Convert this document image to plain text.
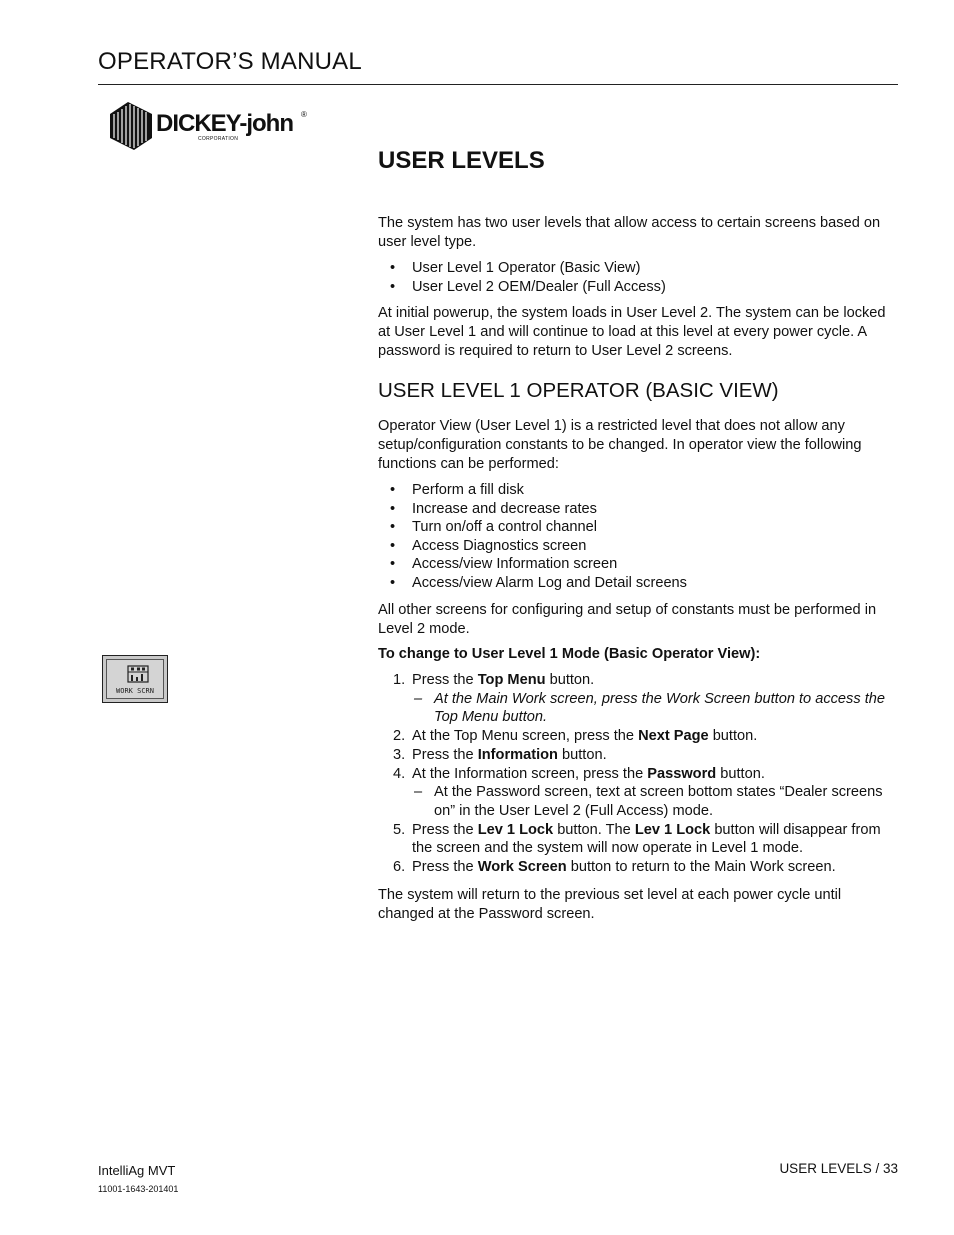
OPERATOR’S MANUAL
DICKEY-john ®
CORPORATION
WORK SCRN
USER LEVELS

The system has two user levels that allow access to certain screens based on user level type.

• User Level 1 Operator (Basic View)
• User Level 2 OEM/Dealer (Full Access)

At initial powerup, the system loads in User Level 2. The system can be locked at User Level 1 and will continue to load at this level at every power cycle. A password is required to return to User Level 2 screens.

USER LEVEL 1 OPERATOR (BASIC VIEW)

Operator View (User Level 1) is a restricted level that does not allow any setup/configuration constants to be changed. In operator view the following functions can be performed:

• Perform a fill disk
• Increase and decrease rates
• Turn on/off a control channel
• Access Diagnostics screen
• Access/view Information screen
• Access/view Alarm Log and Detail screens

All other screens for configuring and setup of constants must be performed in Level 2 mode.

To change to User Level 1 Mode (Basic Operator View):
1. Press the Top Menu button.
– At the Main Work screen, press the Work Screen button to access the Top Menu button.
2. At the Top Menu screen, press the Next Page button.
3. Press the Information button.
4. At the Information screen, press the Password button.
– At the Password screen, text at screen bottom states “Dealer screens on” in the User Level 2 (Full Access) mode.
5. Press the Lev 1 Lock button. The Lev 1 Lock button will disappear from the screen and the system will now operate in Level 1 mode.
6. Press the Work Screen button to return to the Main Work screen.

The system will return to the previous set level at each power cycle until changed at the Password screen.

IntelliAg MVT
11001-1643-201401
USER LEVELS / 33
